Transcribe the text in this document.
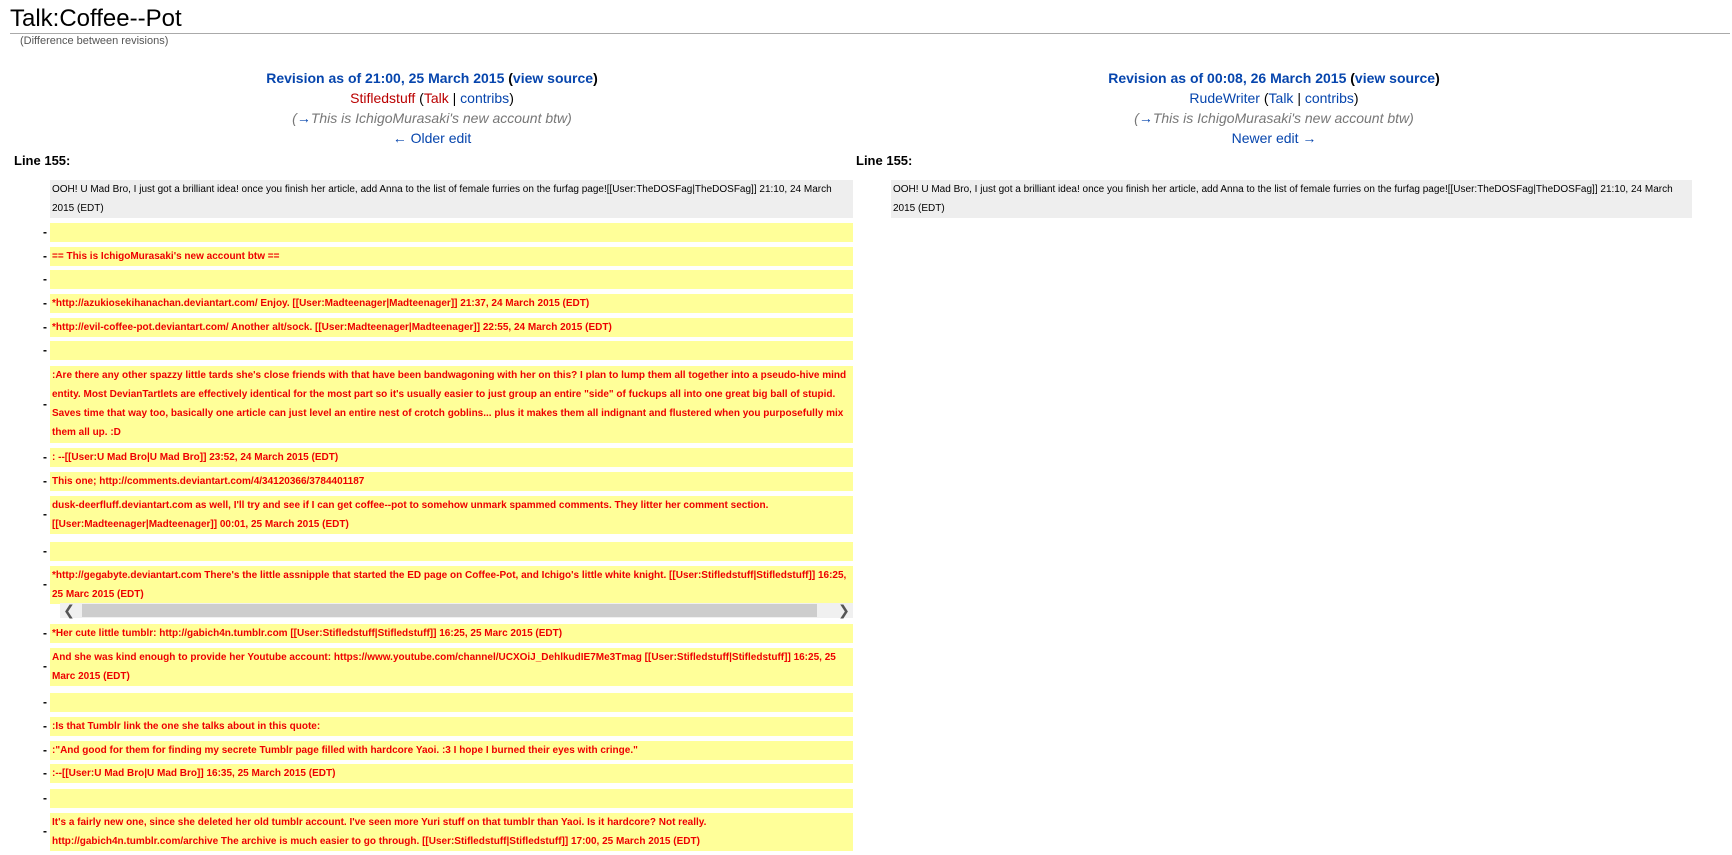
Talk:Coffee--Pot
(Difference between revisions)
Revision as of 21:00, 25 March 2015 (view source)
Stifledstuff (Talk | contribs)
(→This is IchigoMurasaki's new account btw)
← Older edit
Revision as of 00:08, 26 March 2015 (view source)
RudeWriter (Talk | contribs)
(→This is IchigoMurasaki's new account btw)
Newer edit →
Line 155:	Line 155:
OOH! U Mad Bro, I just got a brilliant idea! once you finish her article, add Anna to the list of female furries on the furfag page![[User:TheDOSFag|TheDOSFag]] 21:10, 24 March 2015 (EDT)
-
- == This is IchigoMurasaki's new account btw ==
-
- *http://azukiosekihanachan.deviantart.com/ Enjoy. [[User:Madteenager|Madteenager]] 21:37, 24 March 2015 (EDT)
- *http://evil-coffee-pot.deviantart.com/ Another alt/sock. [[User:Madteenager|Madteenager]] 22:55, 24 March 2015 (EDT)
-
-
:Are there any other spazzy little tards she's close friends with that have been bandwagoning with her on this? I plan to lump them all together into a pseudo-hive mind entity. Most DevianTartlets are effectively identical for the most part so it's usually easier to just group an entire "side" of fuckups all into one great big ball of stupid. Saves time that way too, basically one article can just level an entire nest of crotch goblins... plus it makes them all indignant and flustered when you purposefully mix them all up. :D
- : --[[User:U Mad Bro|U Mad Bro]] 23:52, 24 March 2015 (EDT)
- This one; http://comments.deviantart.com/4/34120366/3784401187
-
dusk-deerfluff.deviantart.com as well, I'll try and see if I can get coffee--pot to somehow unmark spammed comments. They litter her comment section. [[User:Madteenager|Madteenager]] 00:01, 25 March 2015 (EDT)
-
-
*http://gegabyte.deviantart.com There's the little assnipple that started the ED page on Coffee-Pot, and Ichigo's little white knight. [[User:Stifledstuff|Stifledstuff]] 16:25, 25 Marc 2015 (EDT)
- *Her cute little tumblr: http://gabich4n.tumblr.com [[User:Stifledstuff|Stifledstuff]] 16:25, 25 Marc 2015 (EDT)
-
And she was kind enough to provide her Youtube account: https://www.youtube.com/channel/UCXOiJ_DehlkudIE7Me3Tmag [[User:Stifledstuff|Stifledstuff]] 16:25, 25 Marc 2015 (EDT)
-
- :Is that Tumblr link the one she talks about in this quote:
- :"And good for them for finding my secrete Tumblr page filled with hardcore Yaoi. :3 I hope I burned their eyes with cringe."
- :--[[User:U Mad Bro|U Mad Bro]] 16:35, 25 March 2015 (EDT)
-
-
It's a fairly new one, since she deleted her old tumblr account. I've seen more Yuri stuff on that tumblr than Yaoi. Is it hardcore? Not really. http://gabich4n.tumblr.com/archive The archive is much easier to go through. [[User:Stifledstuff|Stifledstuff]] 17:00, 25 March 2015 (EDT)
OOH! U Mad Bro, I just got a brilliant idea! once you finish her article, add Anna to the list of female furries on the furfag page![[User:TheDOSFag|TheDOSFag]] 21:10, 24 March 2015 (EDT)
❮	❯
